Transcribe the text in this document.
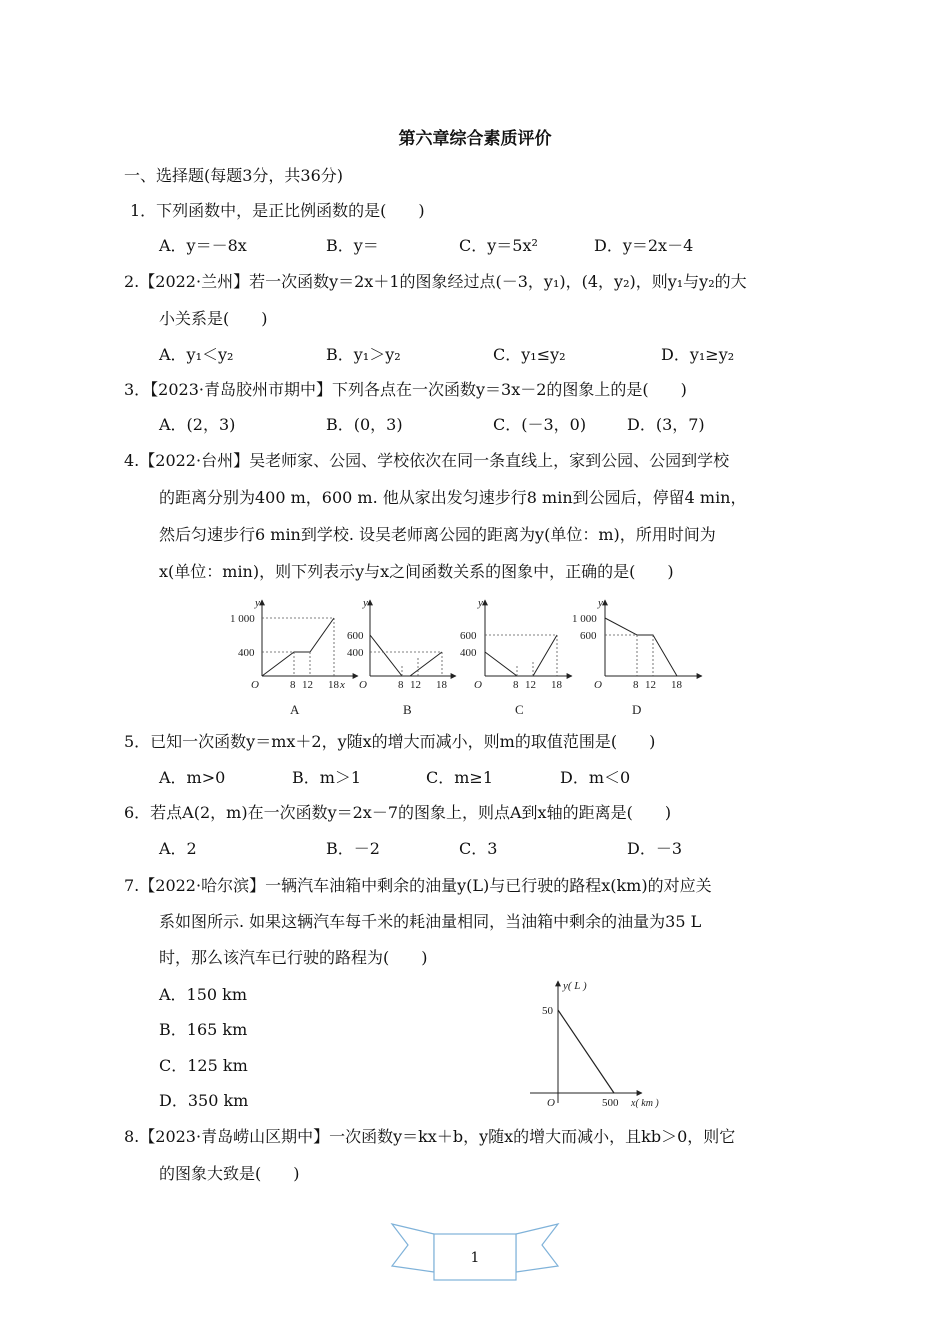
第六章综合素质评价
一、选择题(每题3分，共36分)
1．下列函数中，是正比例函数的是(　　)
A．y＝－8x	B．y＝	C．y＝5x²	D．y＝2x－4
2.【2022·兰州】若一次函数y＝2x＋1的图象经过点(－3，y₁)，(4，y₂)，则y₁与y₂的大
小关系是(　　)
A．y₁＜y₂	B．y₁＞y₂	C．y₁≤y₂	D．y₁≥y₂
3．【2023·青岛胶州市期中】下列各点在一次函数y＝3x－2的图象上的是(　　)
A．(2，3)	B．(0，3)	C．(－3，0)	D．(3，7)
4.【2022·台州】吴老师家、公园、学校依次在同一条直线上，家到公园、公园到学校
的距离分别为400 m，600 m. 他从家出发匀速步行8 min到公园后，停留4 min，
然后匀速步行6 min到学校. 设吴老师离公园的距离为y(单位：m)，所用时间为
x(单位：min)，则下列表示y与x之间函数关系的图象中，正确的是(　　)
y
O
1 000
400
8 12 18
A
y
x O
600
400
8 12 18
B
y
O
600
400
8 12 18
C
y
O
1 000
600
8 12 18
D
5．已知一次函数y＝mx＋2，y随x的增大而减小，则m的取值范围是(　　)
A．m>0	B．m＞1	C．m≥1	D．m＜0
6．若点A(2，m)在一次函数y＝2x－7的图象上，则点A到x轴的距离是(　　)
A．2	B．－2	C．3	D．－3
7.【2022·哈尔滨】一辆汽车油箱中剩余的油量y(L)与已行驶的路程x(km)的对应关
系如图所示. 如果这辆汽车每千米的耗油量相同，当油箱中剩余的油量为35 L
时，那么该汽车已行驶的路程为(　　)
A．150 km
B．165 km
C．125 km
D．350 km
y( L )
50
O	500 x( km )
8.【2023·青岛崂山区期中】一次函数y＝kx＋b，y随x的增大而减小，且kb＞0，则它
的图象大致是(　　)
1
